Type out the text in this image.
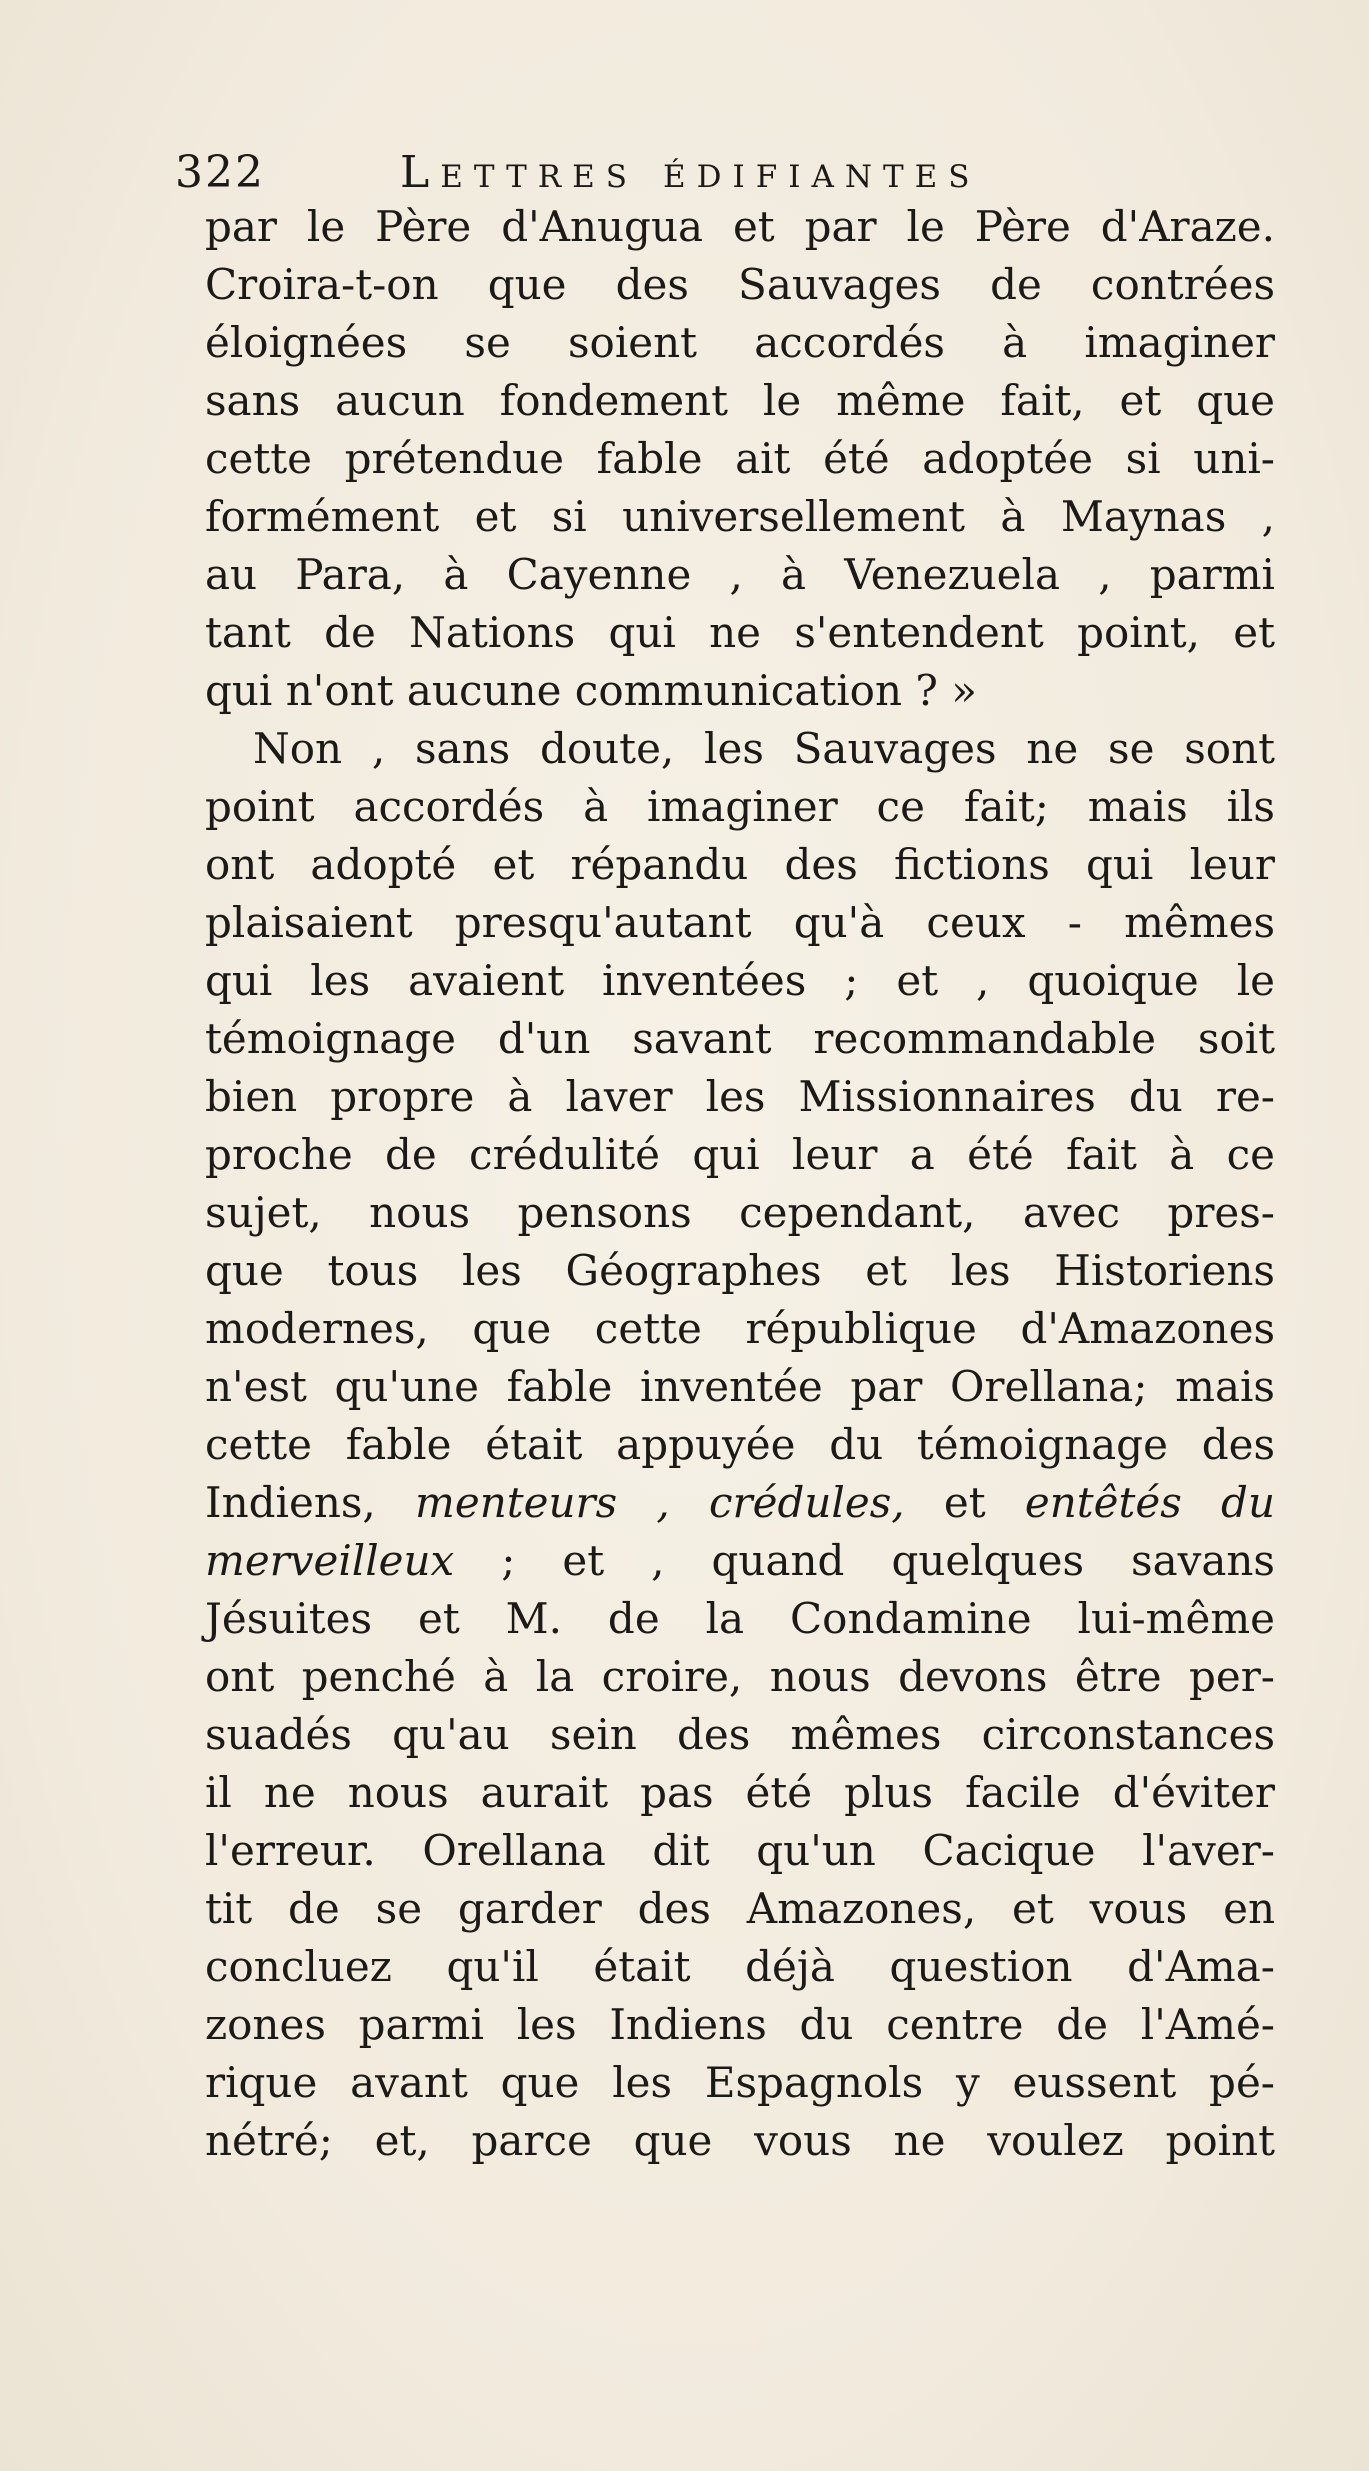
322	Lettres édifiantes
par le Père d'Anugua et par le Père d'Araze.
Croira-t-on que des Sauvages de contrées
éloignées se soient accordés à imaginer
sans aucun fondement le même fait, et que
cette prétendue fable ait été adoptée si uni-
formément et si universellement à Maynas ,
au Para, à Cayenne , à Venezuela , parmi
tant de Nations qui ne s'entendent point, et
qui n'ont aucune communication ? »
Non , sans doute, les Sauvages ne se sont
point accordés à imaginer ce fait; mais ils
ont adopté et répandu des fictions qui leur
plaisaient presqu'autant qu'à ceux - mêmes
qui les avaient inventées ; et , quoique le
témoignage d'un savant recommandable soit
bien propre à laver les Missionnaires du re-
proche de crédulité qui leur a été fait à ce
sujet, nous pensons cependant, avec pres-
que tous les Géographes et les Historiens
modernes, que cette république d'Amazones
n'est qu'une fable inventée par Orellana; mais
cette fable était appuyée du témoignage des
Indiens, menteurs , crédules, et entêtés du
merveilleux ; et , quand quelques savans
Jésuites et M. de la Condamine lui-même
ont penché à la croire, nous devons être per-
suadés qu'au sein des mêmes circonstances
il ne nous aurait pas été plus facile d'éviter
l'erreur. Orellana dit qu'un Cacique l'aver-
tit de se garder des Amazones, et vous en
concluez qu'il était déjà question d'Ama-
zones parmi les Indiens du centre de l'Amé-
rique avant que les Espagnols y eussent pé-
nétré; et, parce que vous ne voulez point
